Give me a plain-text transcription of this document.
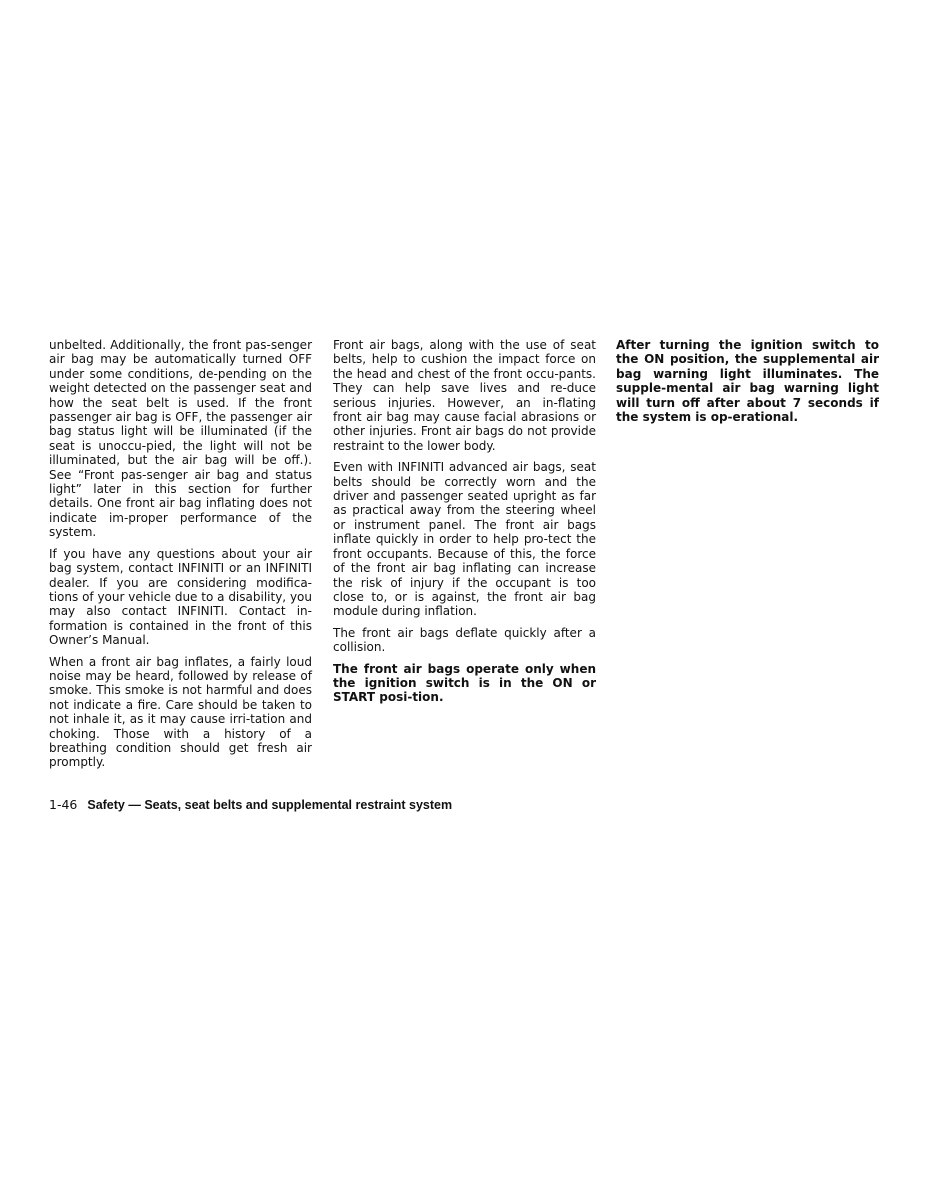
unbelted. Additionally, the front pas-senger air bag may be automatically turned OFF under some conditions, de-pending on the weight detected on the passenger seat and how the seat belt is used. If the front passenger air bag is OFF, the passenger air bag status light will be illuminated (if the seat is unoccu-pied, the light will not be illuminated, but the air bag will be off.). See “Front pas-senger air bag and status light” later in this section for further details. One front air bag inflating does not indicate im-proper performance of the system.

If you have any questions about your air bag system, contact INFINITI or an INFINITI dealer. If you are considering modifica-tions of your vehicle due to a disability, you may also contact INFINITI. Contact in-formation is contained in the front of this Owner’s Manual.

When a front air bag inflates, a fairly loud noise may be heard, followed by release of smoke. This smoke is not harmful and does not indicate a fire. Care should be taken to not inhale it, as it may cause irri-tation and choking. Those with a history of a breathing condition should get fresh air promptly.

Front air bags, along with the use of seat belts, help to cushion the impact force on the head and chest of the front occu-pants. They can help save lives and re-duce serious injuries. However, an in-flating front air bag may cause facial abrasions or other injuries. Front air bags do not provide restraint to the lower body.

Even with INFINITI advanced air bags, seat belts should be correctly worn and the driver and passenger seated upright as far as practical away from the steering wheel or instrument panel. The front air bags inflate quickly in order to help pro-tect the front occupants. Because of this, the force of the front air bag inflating can increase the risk of injury if the occupant is too close to, or is against, the front air bag module during inflation.

The front air bags deflate quickly after a collision.

The front air bags operate only when the ignition switch is in the ON or START posi-tion.

After turning the ignition switch to the ON position, the supplemental air bag warning light illuminates. The supple-mental air bag warning light will turn off after about 7 seconds if the system is op-erational.

1-46 Safety — Seats, seat belts and supplemental restraint system
